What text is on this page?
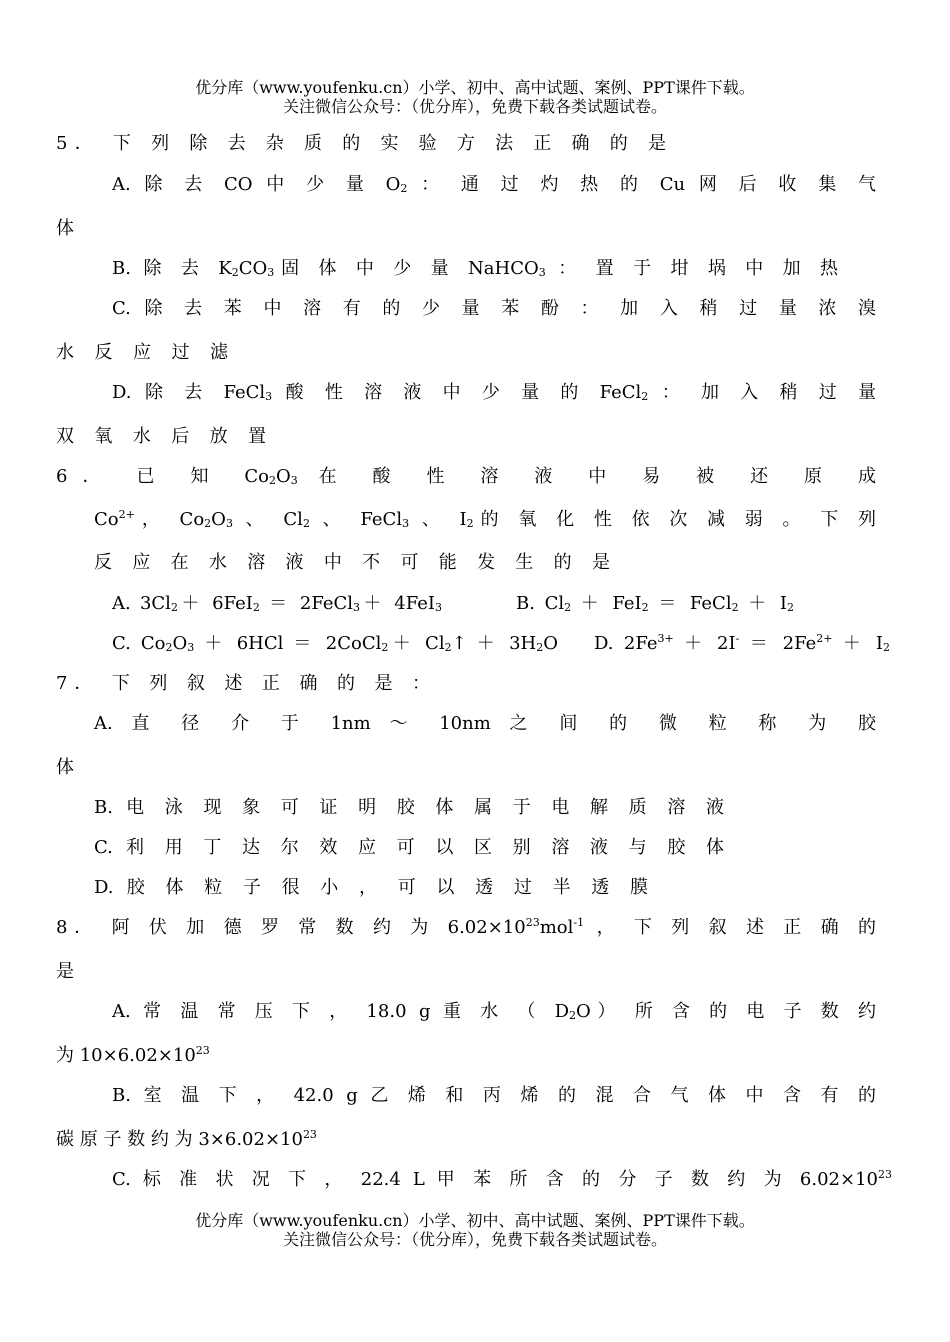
优分库（www.youfenku.cn）小学、初中、高中试题、案例、PPT课件下载。
关注微信公众号：（优分库），免费下载各类试题试卷。
5． 下 列 除 去 杂 质 的 实 验 方 法 正 确 的 是
A. 除 去 CO 中 少 量 $O_2$ ： 通 过 灼 热 的 Cu 网 后 收 集 气
体
B. 除 去 $K_2CO_3$固 体 中 少 量 NaHCO$_3$ ： 置 于 坩 埚 中 加 热
C. 除 去 苯 中 溶 有 的 少 量 苯 酚 ： 加 入 稍 过 量 浓 溴
水 反 应 过 滤
D. 除 去 FeCl$_3$ 酸 性 溶 液 中 少 量 的 FeCl$_2$ ： 加 入 稍 过 量
双 氧 水 后 放 置
6． 已 知 $Co_2O_3$ 在 酸 性 溶 液 中 易 被 还 原 成
$Co^{2+}$， $Co_2O_3$ 、 $Cl_2$ 、 FeCl$_3$ 、 $I_2$的 氧 化 性 依 次 减 弱 。 下 列
反 应 在 水 溶 液 中 不 可 能 发 生 的 是
A. $3Cl_2+ 6FeI_2$ ＝ 2FeCl$_3$＋ 4FeI$_3$	B. $Cl_2 + FeI_2$ ＝ FeCl$_2$ ＋ $I_2$
C. $Co_2O_3 + 6HCl$ ＝ 2CoCl$_2$＋ $Cl_2↑ + 3H_2O$ D. $2Fe^{3+} + 2I^- = 2Fe^{2+} + I_2$
7． 下 列 叙 述 正 确 的 是 ：
A. 直 径 介 于 1nm ～ 10nm 之 间 的 微 粒 称 为 胶
体
B. 电 泳 现 象 可 证 明 胶 体 属 于 电 解 质 溶 液
C. 利 用 丁 达 尔 效 应 可 以 区 别 溶 液 与 胶 体
D. 胶 体 粒 子 很 小 ， 可 以 透 过 半 透 膜
8． 阿 伏 加 德 罗 常 数 约 为 $6.02\times 10^{23}mol^{-1}$ ， 下 列 叙 述 正 确 的
是
A. 常 温 常 压 下 ， 18.0 g 重 水 （ $D_2O$） 所 含 的 电 子 数 约
为 $10\times 6.02\times 10^{23}$
B. 室 温 下 ， 42.0 g 乙 烯 和 丙 烯 的 混 合 气 体 中 含 有 的
碳 原 子 数 约 为 $3\times 6.02\times 10^{23}$
C. 标 准 状 况 下 ， 22.4 L 甲 苯 所 含 的 分 子 数 约 为 $6.02\times 10^{23}$
优分库（www.youfenku.cn）小学、初中、高中试题、案例、PPT课件下载。
关注微信公众号：（优分库），免费下载各类试题试卷。
